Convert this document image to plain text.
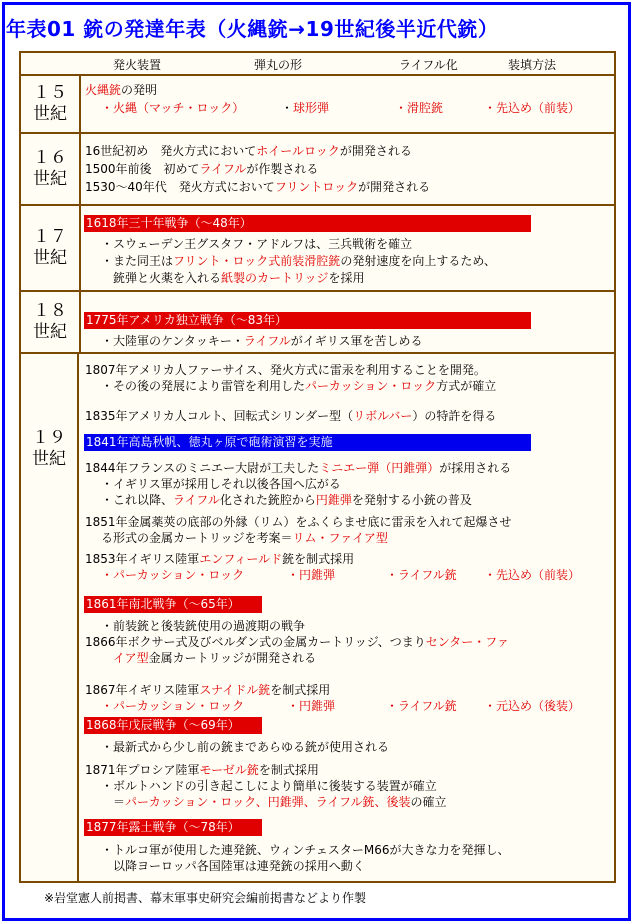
年表01 銃の発達年表（火縄銃→19世紀後半近代銃）
発火装置	弾丸の形	ライフル化	装填方法
１５
世紀
火縄銃の発明
・火縄（マッチ・ロック）	・球形弾	・滑腔銃	・先込め（前装）
１６
世紀
16世紀初め　発火方式においてホイールロックが開発される
1500年前後　初めてライフルが作製される
1530～40年代　発火方式においてフリントロックが開発される
１７
世紀
1618年三十年戦争（～48年）
・スウェーデン王グスタフ・アドルフは、三兵戦術を確立
・また同王はフリント・ロック式前装滑腔銃の発射速度を向上するため、
銃弾と火薬を入れる紙製のカートリッジを採用
１８
世紀
1775年アメリカ独立戦争（～83年）
・大陸軍のケンタッキー・ライフルがイギリス軍を苦しめる
１９
世紀
1807年アメリカ人ファーサイス、発火方式に雷汞を利用することを開発。
・その後の発展により雷管を利用したパーカッション・ロック方式が確立
1835年アメリカ人コルト、回転式シリンダー型（リボルバー）の特許を得る
1841年高島秋帆、徳丸ヶ原で砲術演習を実施
1844年フランスのミニエー大尉が工夫したミニエー弾（円錐弾）が採用される
・イギリス軍が採用しそれ以後各国へ広がる
・これ以降、ライフル化された銃腔から円錐弾を発射する小銃の普及
1851年金属薬莢の底部の外縁（リム）をふくらませ底に雷汞を入れて起爆させ
る形式の金属カートリッジを考案＝リム・ファイア型
1853年イギリス陸軍エンフィールド銃を制式採用
・パーカッション・ロック	・円錐弾	・ライフル銃 ・先込め（前装）
1861年南北戦争（～65年）
・前装銃と後装銃使用の過渡期の戦争
1866年ボクサー式及びベルダン式の金属カートリッジ、つまりセンター・ファ
イア型金属カートリッジが開発される
1867年イギリス陸軍スナイドル銃を制式採用
・パーカッション・ロック	・円錐弾	・ライフル銃 ・元込め（後装）
1868年戊辰戦争（～69年）
・最新式から少し前の銃まであらゆる銃が使用される
1871年プロシア陸軍モーゼル銃を制式採用
・ボルトハンドの引き起こしにより簡単に後装する装置が確立
＝パーカッション・ロック、円錐弾、ライフル銃、後装の確立
1877年露土戦争（～78年）
・トルコ軍が使用した連発銃、ウィンチェスターM66が大きな力を発揮し、
以降ヨーロッパ各国陸軍は連発銃の採用へ動く
※岩堂憲人前掲書、幕末軍事史研究会編前掲書などより作製
